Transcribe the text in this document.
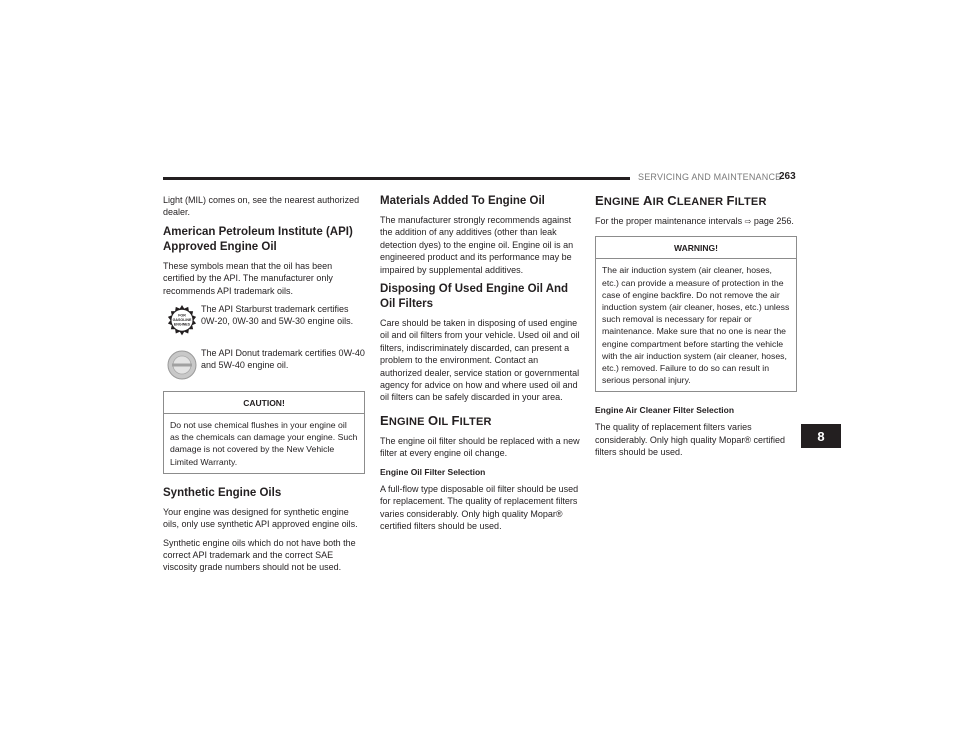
SERVICING AND MAINTENANCE
263

Light (MIL) comes on, see the nearest authorized dealer.

American Petroleum Institute (API) Approved Engine Oil

These symbols mean that the oil has been certified by the API. The manufacturer only recommends API trademark oils.

FOR
GASOLINE
ENGINES

The API Starburst trademark certifies 0W-20, 0W-30 and 5W-30 engine oils.

The API Donut trademark certifies 0W-40 and 5W-40 engine oil.

CAUTION!

Do not use chemical flushes in your engine oil as the chemicals can damage your engine. Such damage is not covered by the New Vehicle Limited Warranty.

Synthetic Engine Oils

Your engine was designed for synthetic engine oils, only use synthetic API approved engine oils.

Synthetic engine oils which do not have both the correct API trademark and the correct SAE viscosity grade numbers should not be used.

Materials Added To Engine Oil

The manufacturer strongly recommends against the addition of any additives (other than leak detection dyes) to the engine oil. Engine oil is an engineered product and its performance may be impaired by supplemental additives.

Disposing Of Used Engine Oil And Oil Filters

Care should be taken in disposing of used engine oil and oil filters from your vehicle. Used oil and oil filters, indiscriminately discarded, can present a problem to the environment. Contact an authorized dealer, service station or governmental agency for advice on how and where used oil and oil filters can be safely discarded in your area.

ENGINE OIL FILTER

The engine oil filter should be replaced with a new filter at every engine oil change.

Engine Oil Filter Selection

A full-flow type disposable oil filter should be used for replacement. The quality of replacement filters varies considerably. Only high quality Mopar® certified filters should be used.

ENGINE AIR CLEANER FILTER

For the proper maintenance intervals ⇨ page 256.

WARNING!

The air induction system (air cleaner, hoses, etc.) can provide a measure of protection in the case of engine backfire. Do not remove the air induction system (air cleaner, hoses, etc.) unless such removal is necessary for repair or maintenance. Make sure that no one is near the engine compartment before starting the vehicle with the air induction system (air cleaner, hoses, etc.) removed. Failure to do so can result in serious personal injury.

Engine Air Cleaner Filter Selection

The quality of replacement filters varies considerably. Only high quality Mopar® certified filters should be used.

8
